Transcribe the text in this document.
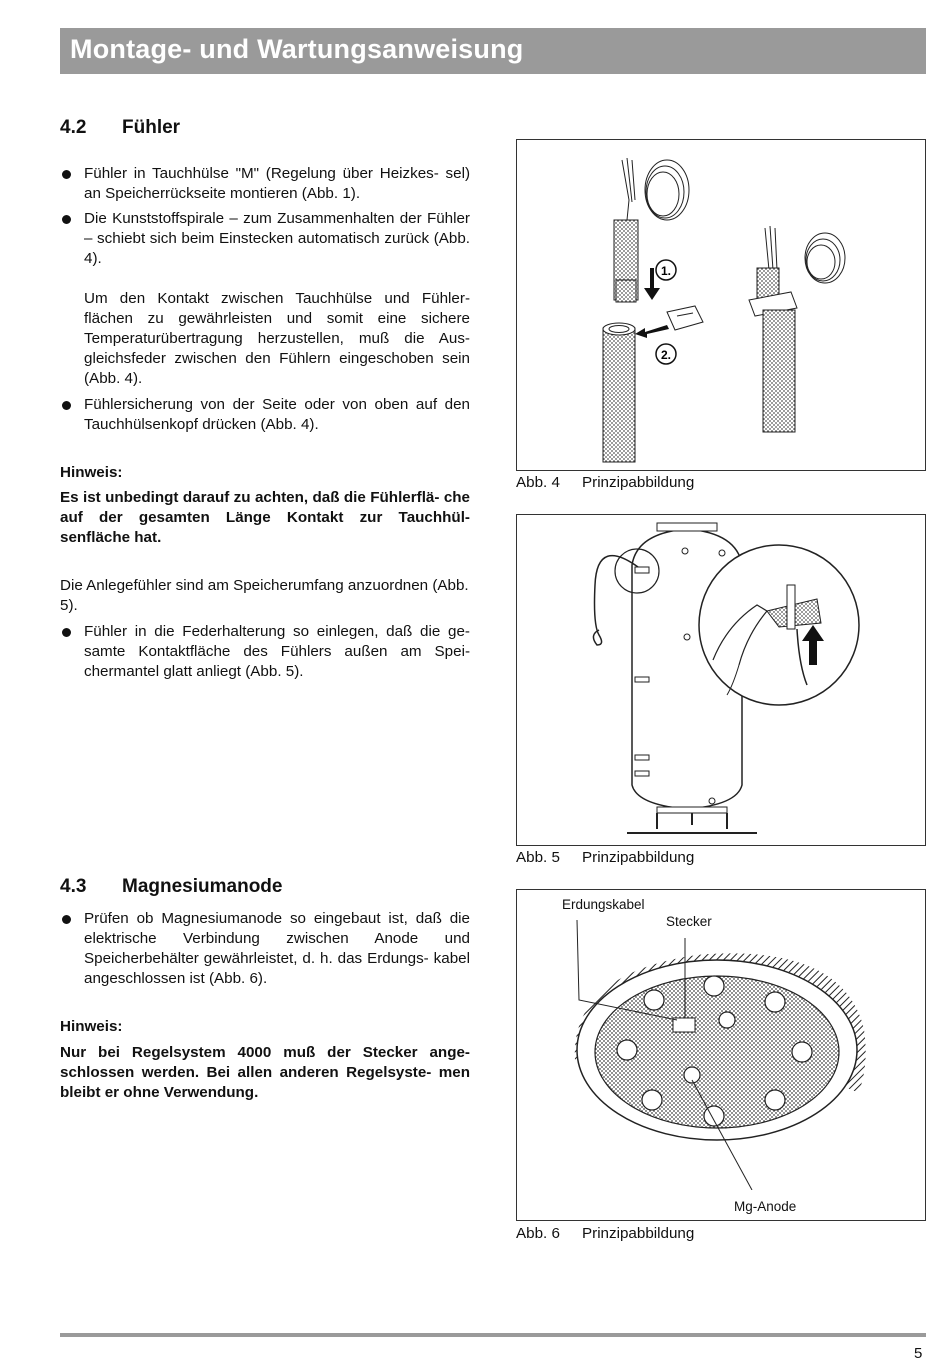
Montage- und Wartungsanweisung
4.2 Fühler
Fühler in Tauchhülse "M" (Regelung über Heizkes- sel) an Speicherrückseite montieren (Abb. 1).
Die Kunststoffspirale – zum Zusammenhalten der Fühler – schiebt sich beim Einstecken automatisch zurück (Abb. 4).
Um den Kontakt zwischen Tauchhülse und Fühler- flächen zu gewährleisten und somit eine sichere Temperaturübertragung herzustellen, muß die Aus- gleichsfeder zwischen den Fühlern eingeschoben sein (Abb. 4).
Fühlersicherung von der Seite oder von oben auf den Tauchhülsenkopf drücken (Abb. 4).
Hinweis:
Es ist unbedingt darauf zu achten, daß die Fühlerflä- che auf der gesamten Länge Kontakt zur Tauchhül- senfläche hat.
Die Anlegefühler sind am Speicherumfang anzuordnen (Abb. 5).
Fühler in die Federhalterung so einlegen, daß die ge- samte Kontaktfläche des Fühlers außen am Spei- chermantel glatt anliegt (Abb. 5).
4.3 Magnesiumanode
Prüfen ob Magnesiumanode so eingebaut ist, daß die elektrische Verbindung zwischen Anode und Speicherbehälter gewährleistet, d. h. das Erdungs- kabel angeschlossen ist (Abb. 6).
Hinweis:
Nur bei Regelsystem 4000 muß der Stecker ange- schlossen werden. Bei allen anderen Regelsyste- men bleibt er ohne Verwendung.
1.
2.
Abb. 4 Prinzipabbildung
Abb. 5 Prinzipabbildung
Erdungskabel
Stecker
Mg-Anode
Abb. 6 Prinzipabbildung
5
